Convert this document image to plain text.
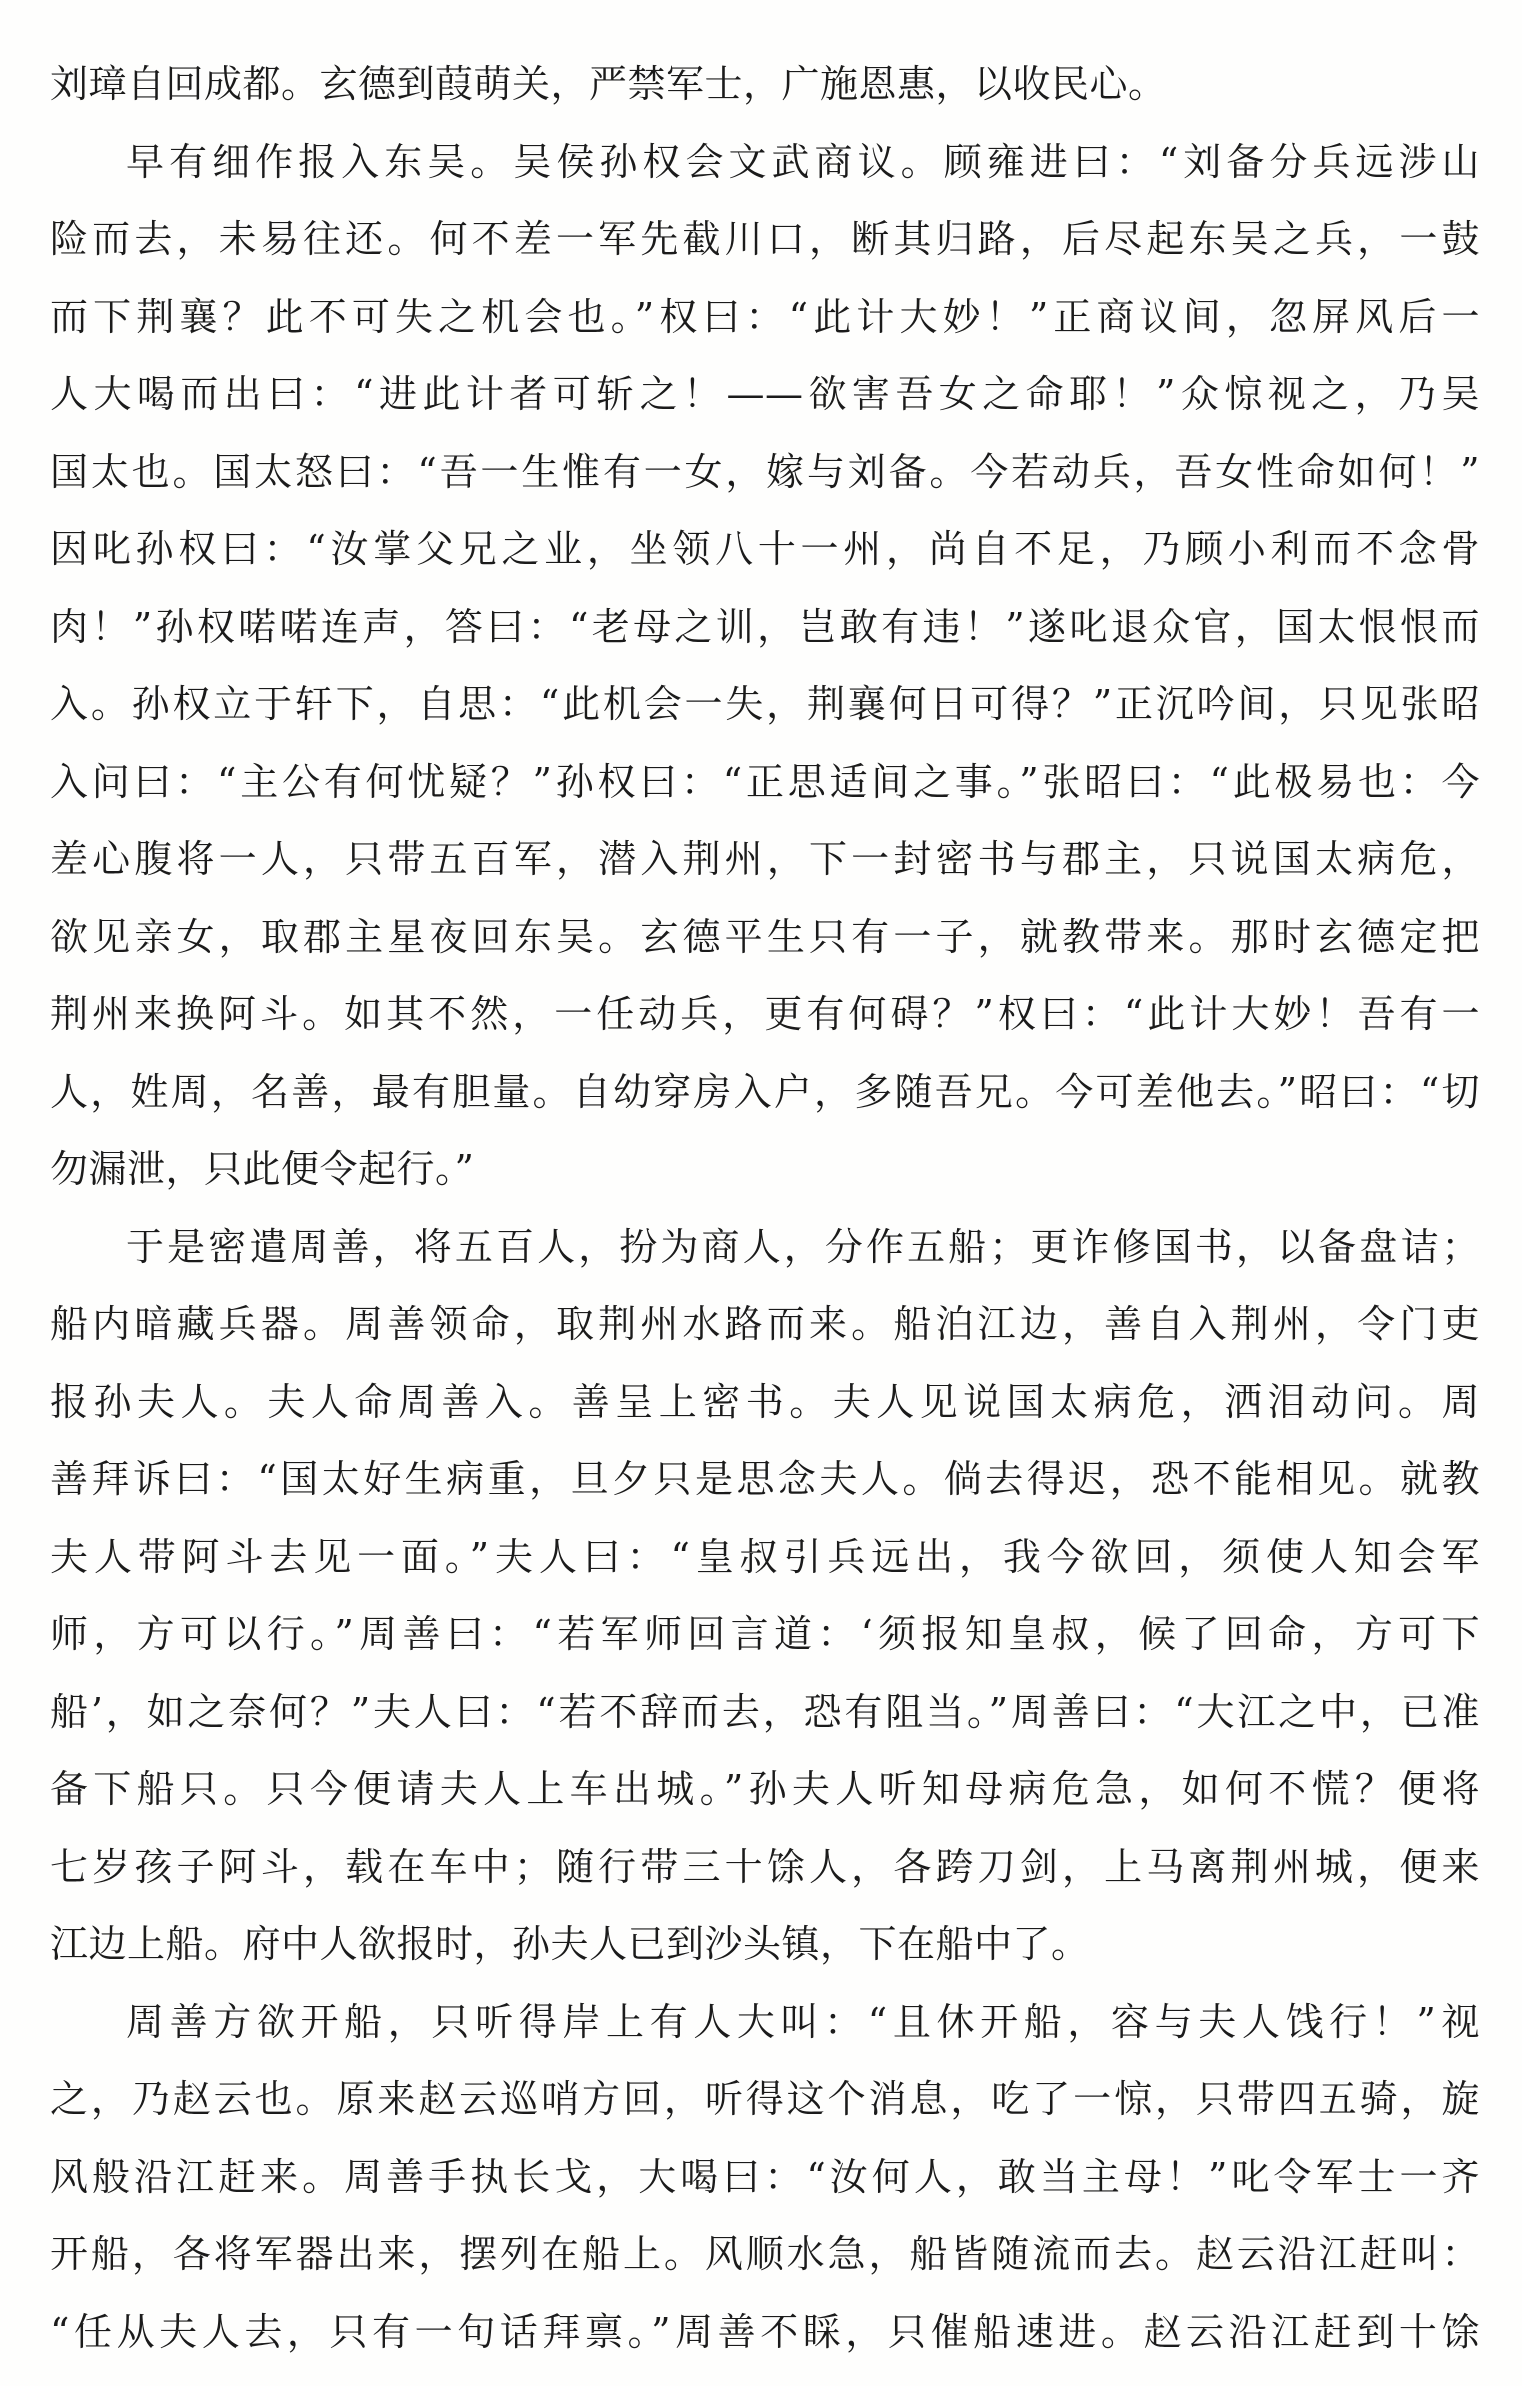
刘璋自回成都。玄德到葭萌关，严禁军士，广施恩惠，以收民心。
早有细作报入东吴。吴侯孙权会文武商议。顾雍进曰：“刘备分兵远涉山
险而去，未易往还。何不差一军先截川口，断其归路，后尽起东吴之兵，一鼓
而下荆襄？此不可失之机会也。”权曰：“此计大妙！”正商议间，忽屏风后一
人大喝而出曰：“进此计者可斩之！——欲害吾女之命耶！”众惊视之，乃吴
国太也。国太怒曰：“吾一生惟有一女，嫁与刘备。今若动兵，吾女性命如何！”
因叱孙权曰：“汝掌父兄之业，坐领八十一州，尚自不足，乃顾小利而不念骨
肉！”孙权喏喏连声，答曰：“老母之训，岂敢有违！”遂叱退众官，国太恨恨而
入。孙权立于轩下，自思：“此机会一失，荆襄何日可得？”正沉吟间，只见张昭
入问曰：“主公有何忧疑？”孙权曰：“正思适间之事。”张昭曰：“此极易也：今
差心腹将一人，只带五百军，潜入荆州，下一封密书与郡主，只说国太病危，
欲见亲女，取郡主星夜回东吴。玄德平生只有一子，就教带来。那时玄德定把
荆州来换阿斗。如其不然，一任动兵，更有何碍？”权曰：“此计大妙！吾有一
人，姓周，名善，最有胆量。自幼穿房入户，多随吾兄。今可差他去。”昭曰：“切
勿漏泄，只此便令起行。”
于是密遣周善，将五百人，扮为商人，分作五船；更诈修国书，以备盘诘；
船内暗藏兵器。周善领命，取荆州水路而来。船泊江边，善自入荆州，令门吏
报孙夫人。夫人命周善入。善呈上密书。夫人见说国太病危，洒泪动问。周
善拜诉曰：“国太好生病重，旦夕只是思念夫人。倘去得迟，恐不能相见。就教
夫人带阿斗去见一面。”夫人曰：“皇叔引兵远出，我今欲回，须使人知会军
师，方可以行。”周善曰：“若军师回言道：‘须报知皇叔，候了回命，方可下
船’，如之奈何？”夫人曰：“若不辞而去，恐有阻当。”周善曰：“大江之中，已准
备下船只。只今便请夫人上车出城。”孙夫人听知母病危急，如何不慌？便将
七岁孩子阿斗，载在车中；随行带三十馀人，各跨刀剑，上马离荆州城，便来
江边上船。府中人欲报时，孙夫人已到沙头镇，下在船中了。
周善方欲开船，只听得岸上有人大叫：“且休开船，容与夫人饯行！”视
之，乃赵云也。原来赵云巡哨方回，听得这个消息，吃了一惊，只带四五骑，旋
风般沿江赶来。周善手执长戈，大喝曰：“汝何人，敢当主母！”叱令军士一齐
开船，各将军器出来，摆列在船上。风顺水急，船皆随流而去。赵云沿江赶叫：
“任从夫人去，只有一句话拜禀。”周善不睬，只催船速进。赵云沿江赶到十馀
